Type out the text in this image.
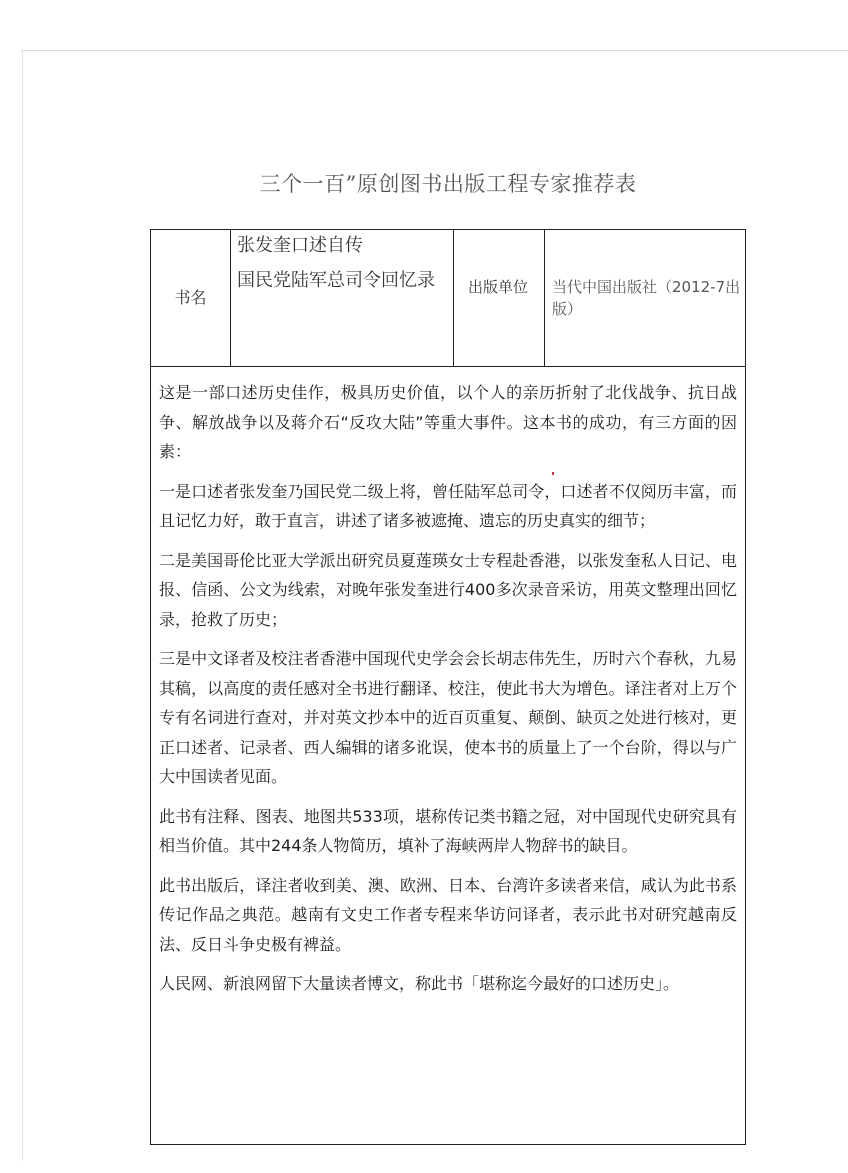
三个一百”原创图书出版工程专家推荐表
书名
张发奎口述自传
国民党陆军总司令回忆录	出版单位	当代中国出版社（2012-7出版）

这是一部口述历史佳作，极具历史价值，以个人的亲历折射了北伐战争、抗日战争、解放战争以及蒋介石“反攻大陆”等重大事件。这本书的成功，有三方面的因素：

一是口述者张发奎乃国民党二级上将，曾任陆军总司令，口述者不仅阅历丰富，而且记忆力好，敢于直言，讲述了诸多被遮掩、遗忘的历史真实的细节；

二是美国哥伦比亚大学派出研究员夏莲瑛女士专程赴香港，以张发奎私人日记、电报、信函、公文为线索，对晚年张发奎进行400多次录音采访，用英文整理出回忆录，抢救了历史；

三是中文译者及校注者香港中国现代史学会会长胡志伟先生，历时六个春秋，九易其稿，以高度的责任感对全书进行翻译、校注，使此书大为增色。译注者对上万个专有名词进行查对，并对英文抄本中的近百页重复、颠倒、缺页之处进行核对，更正口述者、记录者、西人编辑的诸多讹误，使本书的质量上了一个台阶，得以与广大中国读者见面。

此书有注释、图表、地图共533项，堪称传记类书籍之冠，对中国现代史研究具有相当价值。其中244条人物简历，填补了海峡两岸人物辞书的缺目。

此书出版后，译注者收到美、澳、欧洲、日本、台湾许多读者来信，咸认为此书系传记作品之典范。越南有文史工作者专程来华访问译者，表示此书对研究越南反法、反日斗争史极有裨益。

人民网、新浪网留下大量读者博文，称此书「堪称迄今最好的口述历史」。
